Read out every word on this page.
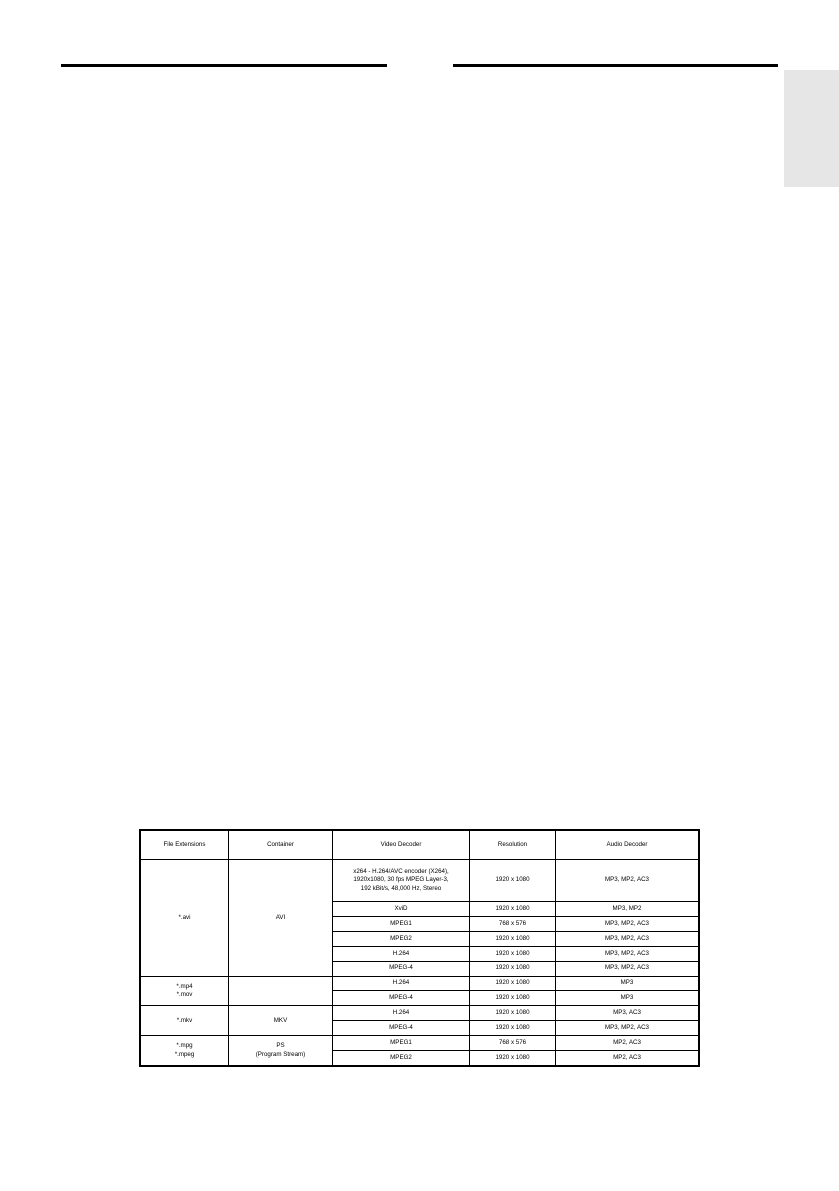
File Extensions	Container	Video Decoder	Resolution	Audio Decoder
*.avi	AVI	x264 - H.264/AVC encoder (X264),
1920x1080, 30 fps MPEG Layer-3,
192 kBit/s, 48,000 Hz, Stereo	1920 x 1080	MP3, MP2, AC3
		XviD	1920 x 1080	MP3, MP2
		MPEG1	768 x 576	MP3, MP2, AC3
		MPEG2	1920 x 1080	MP3, MP2, AC3
		H.264	1920 x 1080	MP3, MP2, AC3
		MPEG-4	1920 x 1080	MP3, MP2, AC3
*.mp4
*.mov		H.264	1920 x 1080	MP3
		MPEG-4	1920 x 1080	MP3
*.mkv	MKV	H.264	1920 x 1080	MP3, AC3
		MPEG-4	1920 x 1080	MP3, MP2, AC3
*.mpg
*.mpeg	PS
(Program Stream)	MPEG1	768 x 576	MP2, AC3
		MPEG2	1920 x 1080	MP2, AC3
